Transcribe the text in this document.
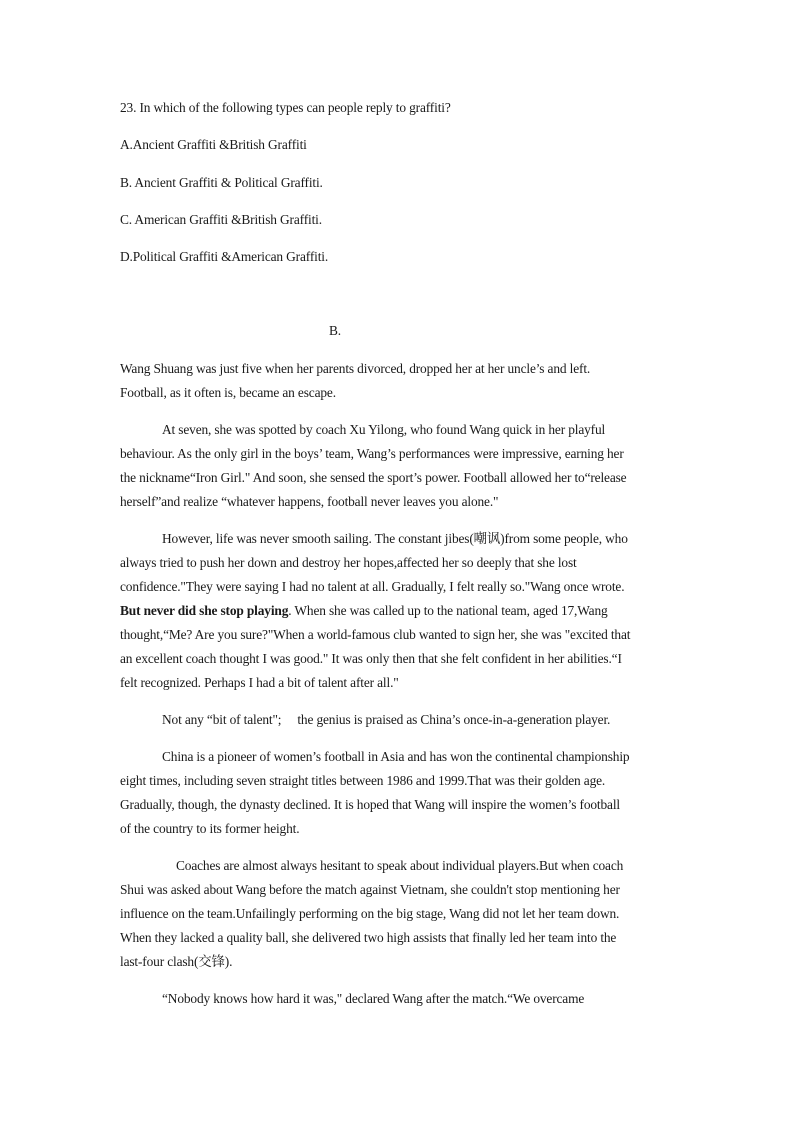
23. In which of the following types can people reply to graffiti?
A.Ancient Graffiti &British Graffiti
B. Ancient Graffiti & Political Graffiti.
C. American Graffiti &British Graffiti.
D.Political Graffiti &American Graffiti.
B.
Wang Shuang was just five when her parents divorced, dropped her at her uncle’s and left.
Football, as it often is, became an escape.
At seven, she was spotted by coach Xu Yilong, who found Wang quick in her playful
behaviour. As the only girl in the boys’ team, Wang’s performances were impressive, earning her
the nickname“Iron Girl." And soon, she sensed the sport’s power. Football allowed her to“release
herself”and realize “whatever happens, football never leaves you alone."
However, life was never smooth sailing. The constant jibes(嘲讽)from some people, who
always tried to push her down and destroy her hopes,affected her so deeply that she lost
confidence."They were saying I had no talent at all. Gradually, I felt really so."Wang once wrote.
But never did she stop playing. When she was called up to the national team, aged 17,Wang
thought,“Me? Are you sure?"When a world-famous club wanted to sign her, she was "excited that
an excellent coach thought I was good." It was only then that she felt confident in her abilities.“I
felt recognized. Perhaps I had a bit of talent after all."
Not any “bit of talent";     the genius is praised as China’s once-in-a-generation player.
China is a pioneer of women’s football in Asia and has won the continental championship
eight times, including seven straight titles between 1986 and 1999.That was their golden age.
Gradually, though, the dynasty declined. It is hoped that Wang will inspire the women’s football
of the country to its former height.
Coaches are almost always hesitant to speak about individual players.But when coach
Shui was asked about Wang before the match against Vietnam, she couldn't stop mentioning her
influence on the team.Unfailingly performing on the big stage, Wang did not let her team down.
When they lacked a quality ball, she delivered two high assists that finally led her team into the
last-four clash(交锋).
“Nobody knows how hard it was," declared Wang after the match.“We overcame
